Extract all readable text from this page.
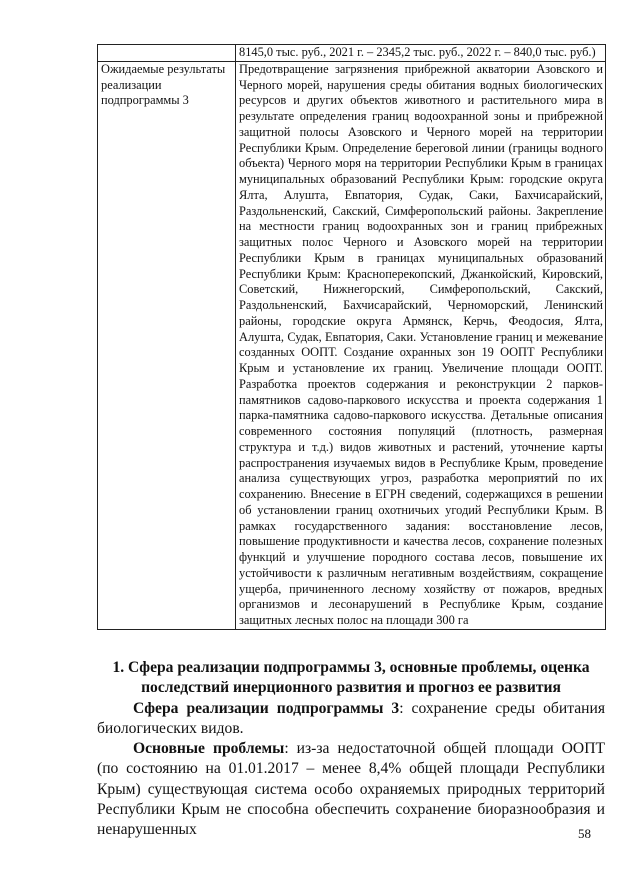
	8145,0 тыс. руб., 2021 г. – 2345,2 тыс. руб., 2022 г. – 840,0 тыс. руб.)
Ожидаемые результаты реализации подпрограммы 3	Предотвращение загрязнения прибрежной акватории Азовского и Черного морей, нарушения среды обитания водных биологических ресурсов и других объектов животного и растительного мира в результате определения границ водоохранной зоны и прибрежной защитной полосы Азовского и Черного морей на территории Республики Крым. Определение береговой линии (границы водного объекта) Черного моря на территории Республики Крым в границах муниципальных образований Республики Крым: городские округа Ялта, Алушта, Евпатория, Судак, Саки, Бахчисарайский, Раздольненский, Сакский, Симферопольский районы. Закрепление на местности границ водоохранных зон и границ прибрежных защитных полос Черного и Азовского морей на территории Республики Крым в границах муниципальных образований Республики Крым: Красноперекопский, Джанкойский, Кировский, Советский, Нижнегорский, Симферопольский, Сакский, Раздольненский, Бахчисарайский, Черноморский, Ленинский районы, городские округа Армянск, Керчь, Феодосия, Ялта, Алушта, Судак, Евпатория, Саки. Установление границ и межевание созданных ООПТ. Создание охранных зон 19 ООПТ Республики Крым и установление их границ. Увеличение площади ООПТ. Разработка проектов содержания и реконструкции 2 парков-памятников садово-паркового искусства и проекта содержания 1 парка-памятника садово-паркового искусства. Детальные описания современного состояния популяций (плотность, размерная структура и т.д.) видов животных и растений, уточнение карты распространения изучаемых видов в Республике Крым, проведение анализа существующих угроз, разработка мероприятий по их сохранению. Внесение в ЕГРН сведений, содержащихся в решении об установлении границ охотничьих угодий Республики Крым. В рамках государственного задания: восстановление лесов, повышение продуктивности и качества лесов, сохранение полезных функций и улучшение породного состава лесов, повышение их устойчивости к различным негативным воздействиям, сокращение ущерба, причиненного лесному хозяйству от пожаров, вредных организмов и лесонарушений в Республике Крым, создание защитных лесных полос на площади 300 га

1. Сфера реализации подпрограммы 3, основные проблемы, оценка последствий инерционного развития и прогноз ее развития

Сфера реализации подпрограммы 3: сохранение среды обитания биологических видов.

Основные проблемы: из-за недостаточной общей площади ООПТ (по состоянию на 01.01.2017 – менее 8,4% общей площади Республики Крым) существующая система особо охраняемых природных территорий Республики Крым не способна обеспечить сохранение биоразнообразия и ненарушенных	58
